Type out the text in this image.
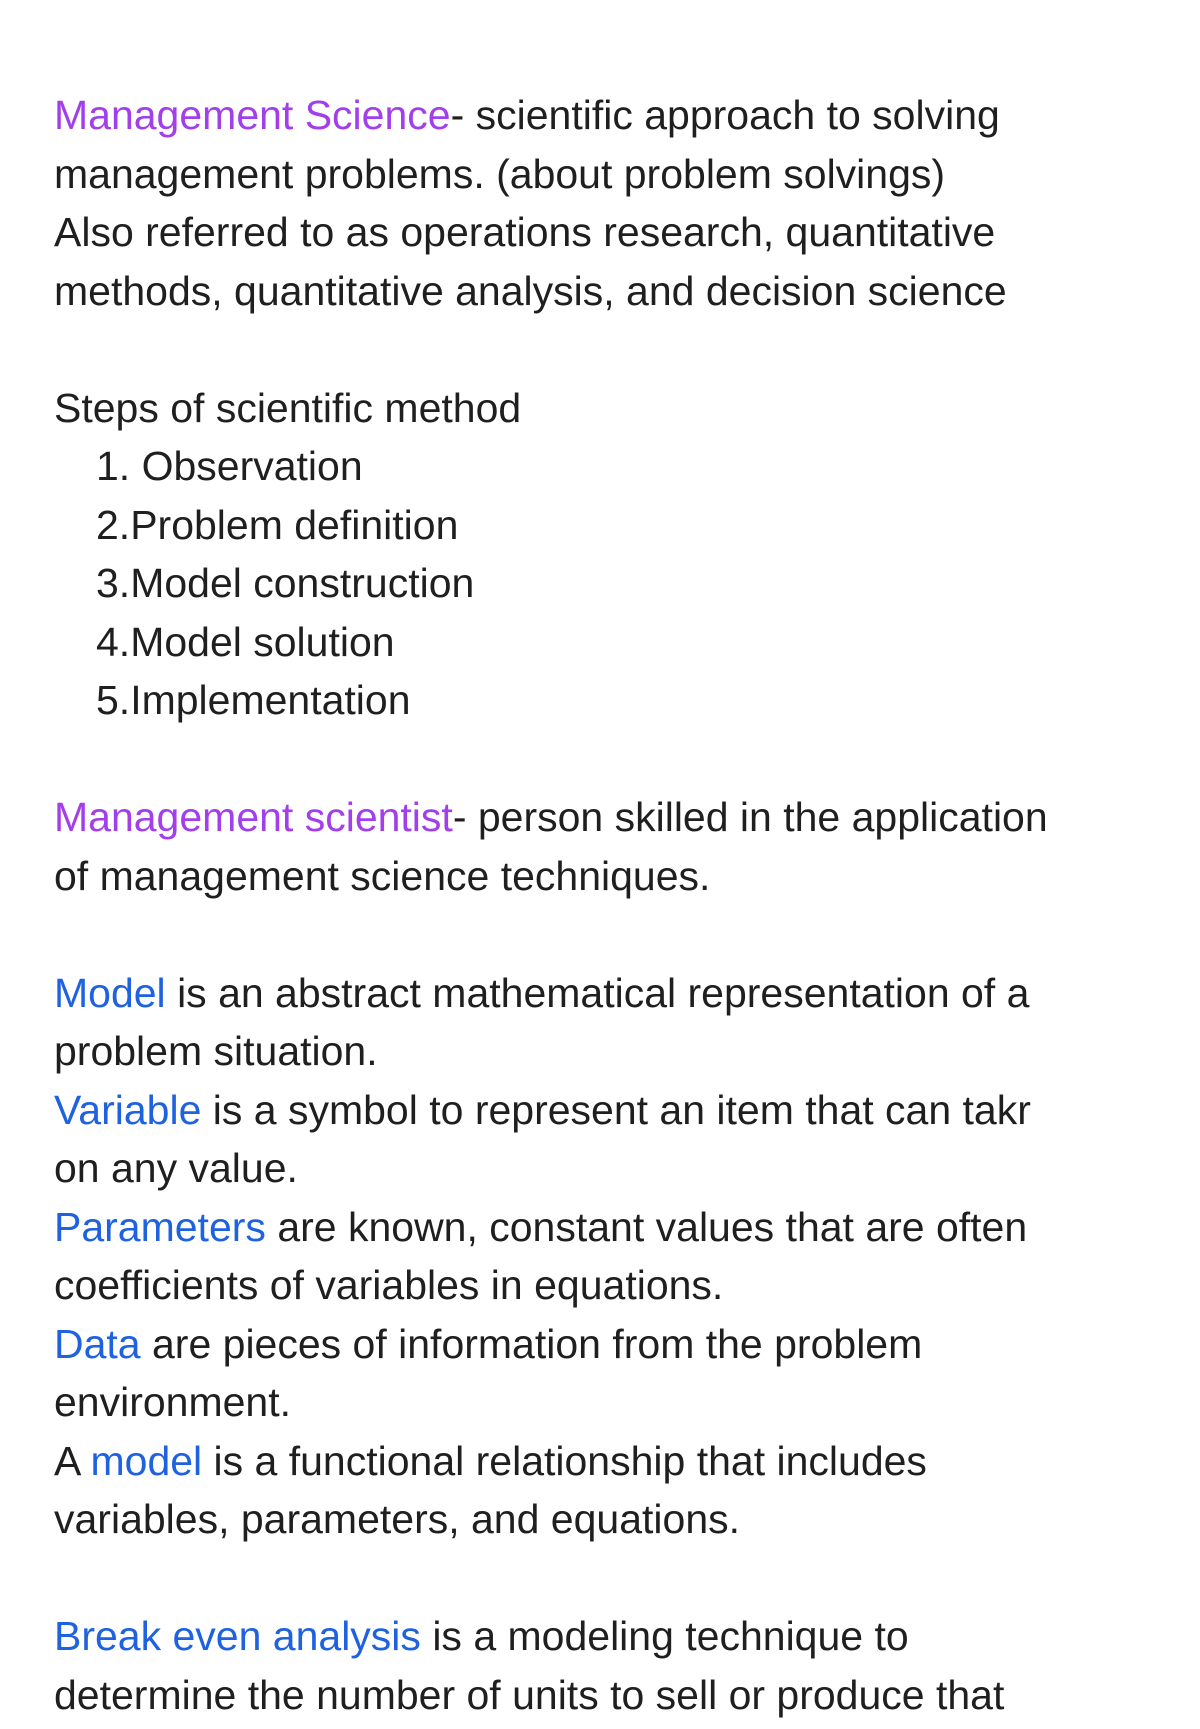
Management Science- scientific approach to solving
management problems. (about problem solvings)
Also referred to as operations research, quantitative
methods, quantitative analysis, and decision science
Steps of scientific method
1. Observation
2.Problem definition
3.Model construction
4.Model solution
5.Implementation
Management scientist- person skilled in the application
of management science techniques.
Model is an abstract mathematical representation of a
problem situation.
Variable is a symbol to represent an item that can takr
on any value.
Parameters are known, constant values that are often
coefficients of variables in equations.
Data are pieces of information from the problem
environment.
A model is a functional relationship that includes
variables, parameters, and equations.
Break even analysis is a modeling technique to
determine the number of units to sell or produce that
